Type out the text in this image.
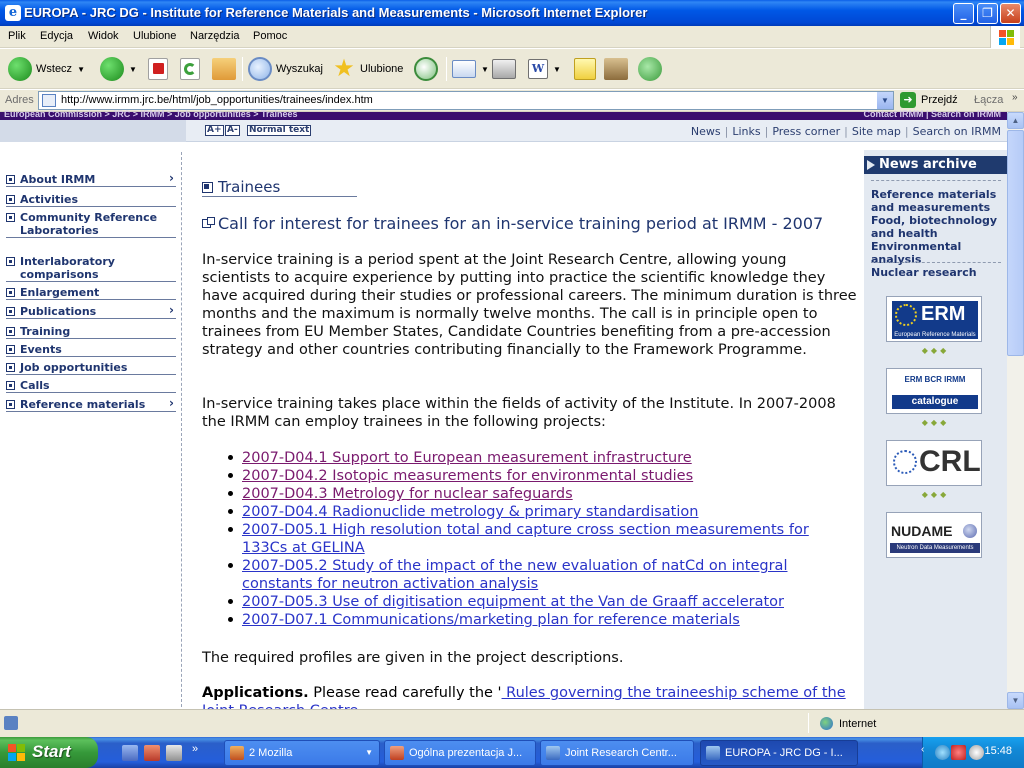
e EUROPA - JRC DG - Institute for Reference Materials and Measurements - Microsoft Internet Explorer	_	❐	✕
Plik Edycja Widok Ulubione Narzędzia Pomoc
Wstecz ▼	▼	Wyszukaj ★ Ulubione	▼	W	▼
Adres http://www.irmm.jrc.be/html/job_opportunities/trainees/index.htm	▼	➜ Przejdź Łącza »
European Commission > JRC > IRMM > Job opportunities > Trainees	Contact IRMM | Search on IRMM
A+ A- Normal text	News | Links | Press corner | Site map | Search on IRMM
About IRMM	›
Activities
Community Reference Laboratories
Interlaboratory comparisons
Enlargement
Publications	›
Training
Events
Job opportunities
Calls
Reference materials ›
Trainees
Call for interest for trainees for an in-service training period at IRMM - 2007
In-service training is a period spent at the Joint Research Centre, allowing young scientists to acquire experience by putting into practice the scientific knowledge they have acquired during their studies or professional careers. The minimum duration is three months and the maximum is normally twelve months. The call is in principle open to trainees from EU Member States, Candidate Countries benefiting from a pre-accession strategy and other countries contributing financially to the Framework Programme.
In-service training takes place within the fields of activity of the Institute. In 2007-2008 the IRMM can employ trainees in the following projects:
2007-D04.1 Support to European measurement infrastructure
2007-D04.2 Isotopic measurements for environmental studies
2007-D04.3 Metrology for nuclear safeguards
2007-D04.4 Radionuclide metrology & primary standardisation
2007-D05.1 High resolution total and capture cross section measurements for 133Cs at GELINA
2007-D05.2 Study of the impact of the new evaluation of natCd on integral constants for neutron activation analysis
2007-D05.3 Use of digitisation equipment at the Van de Graaff accelerator
2007-D07.1 Communications/marketing plan for reference materials
The required profiles are given in the project descriptions.
Applications. Please read carefully the ' Rules governing the traineeship scheme of the
News archive
Reference materials and measurements
Food, biotechnology and health
Environmental analysis
Nuclear research
ERM
European Reference Materials
◆◆◆
ERM BCR IRMM
catalogue
◆◆◆
CRL
◆◆◆
NUDAME
Neutron Data Measurements
▲
▼
Internet
Start	»	2 Mozilla	▼	Ogólna prezentacja J...	Joint Research Centr...	EUROPA - JRC DG - I...	‹	15:48
